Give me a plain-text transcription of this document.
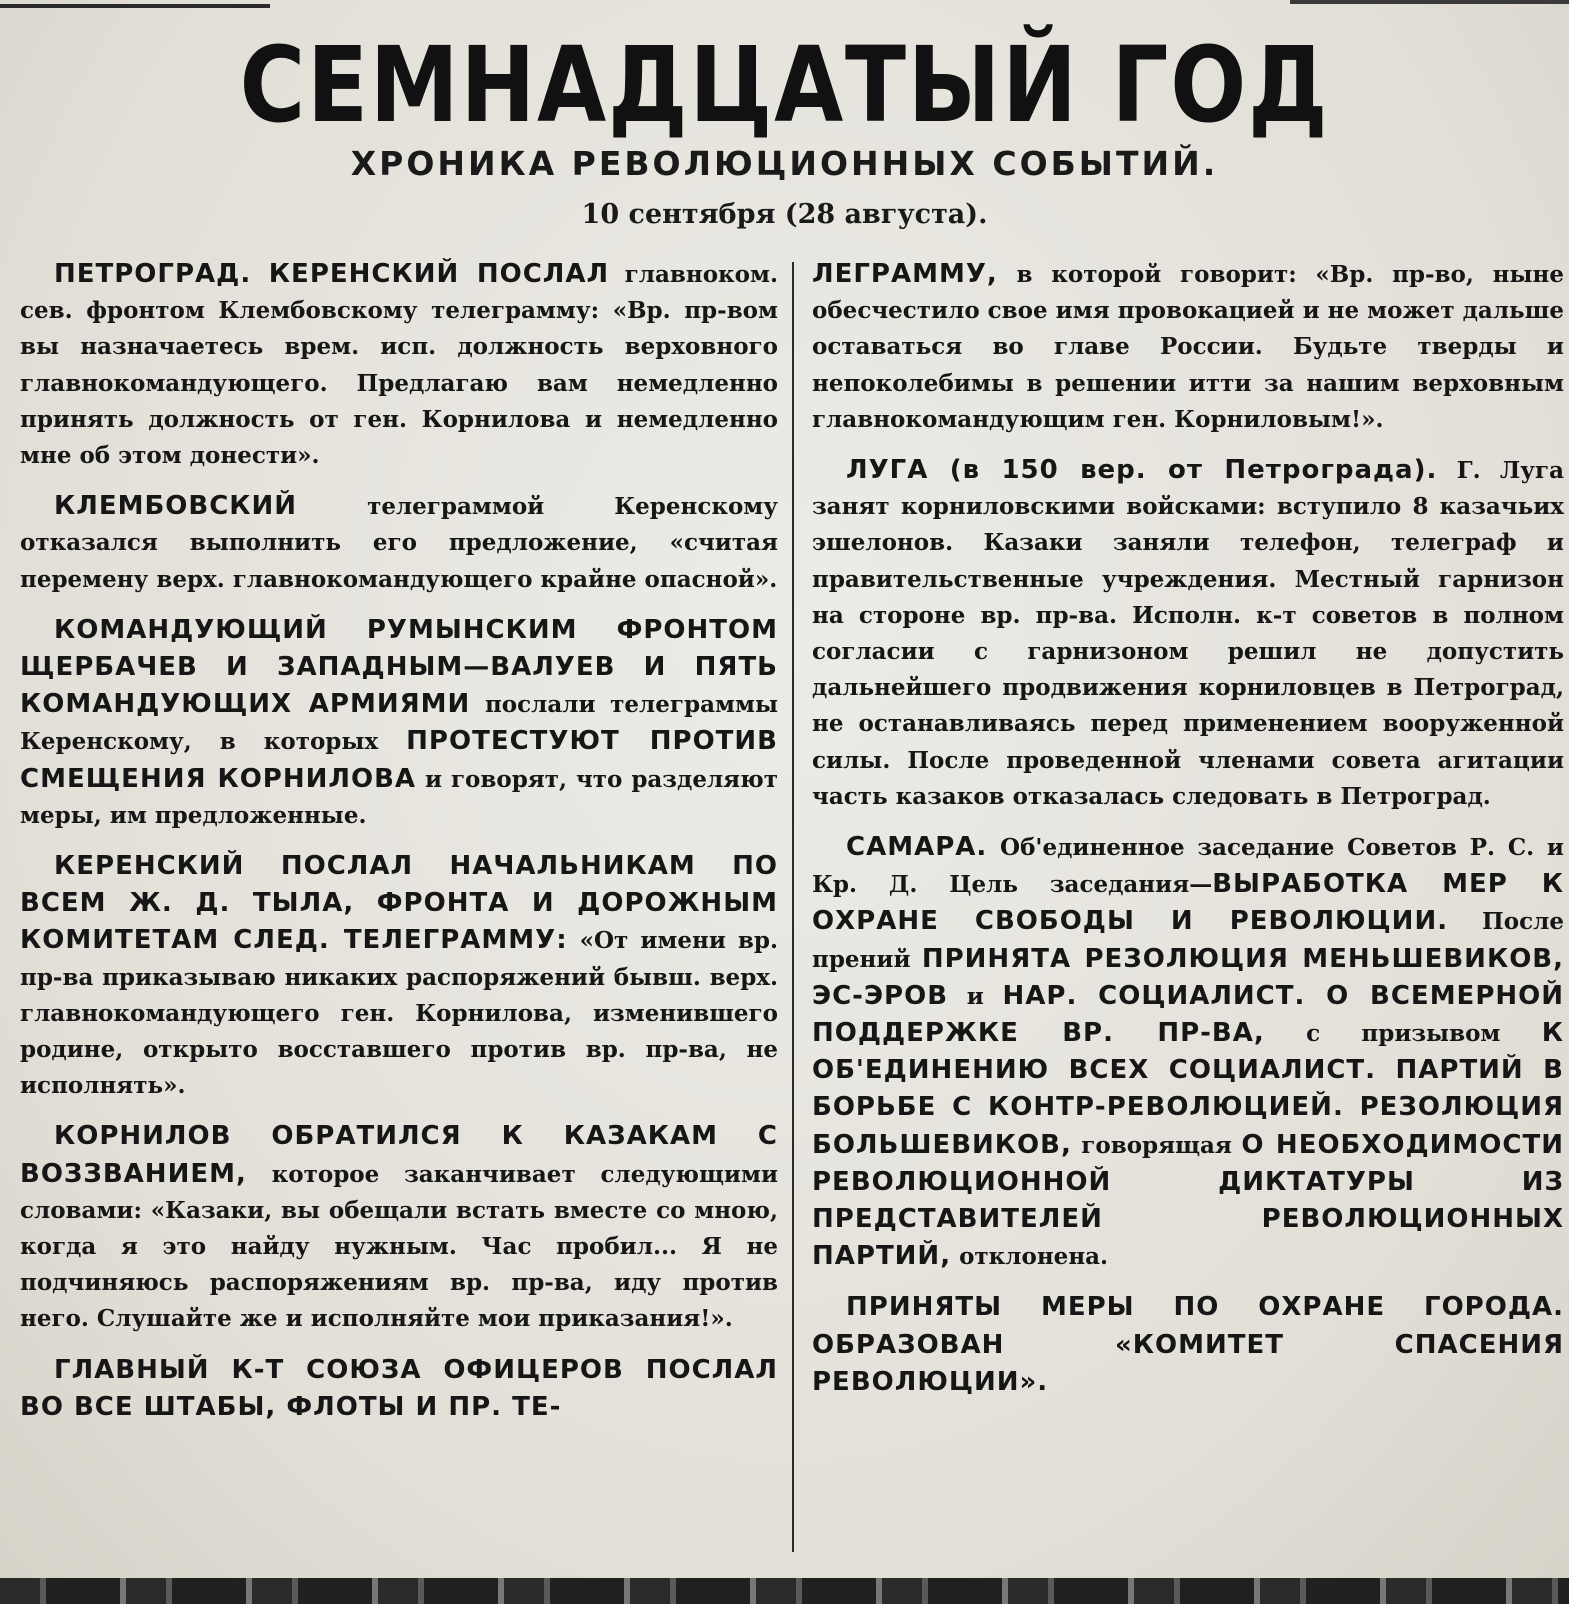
СЕМНАДЦАТЫЙ ГОД
ХРОНИКА РЕВОЛЮЦИОННЫХ СОБЫТИЙ.
10 сентября (28 августа).

ПЕТРОГРАД. КЕРЕНСКИЙ ПОСЛАЛ главноком. сев. фронтом Клембовскому телеграмму: «Вр. пр-вом вы назначаетесь врем. исп. должность верховного главнокомандующего. Предлагаю вам немедленно принять должность от ген. Корнилова и немедленно мне об этом донести».

КЛЕМБОВСКИЙ телеграммой Керенскому отказался выполнить его предложение, «считая перемену верх. главнокомандующего крайне опасной».

КОМАНДУЮЩИЙ РУМЫНСКИМ ФРОНТОМ ЩЕРБАЧЕВ И ЗАПАДНЫМ—ВАЛУЕВ И ПЯТЬ КОМАНДУЮЩИХ АРМИЯМИ послали телеграммы Керенскому, в которых ПРОТЕСТУЮТ ПРОТИВ СМЕЩЕНИЯ КОРНИЛОВА и говорят, что разделяют меры, им предложенные.

КЕРЕНСКИЙ ПОСЛАЛ НАЧАЛЬНИКАМ ПО ВСЕМ Ж. Д. ТЫЛА, ФРОНТА И ДОРОЖНЫМ КОМИТЕТАМ СЛЕД. ТЕЛЕГРАММУ: «От имени вр. пр-ва приказываю никаких распоряжений бывш. верх. главнокомандующего ген. Корнилова, изменившего родине, открыто восставшего против вр. пр-ва, не исполнять».

КОРНИЛОВ ОБРАТИЛСЯ К КАЗАКАМ С ВОЗЗВАНИЕМ, которое заканчивает следующими словами: «Казаки, вы обещали встать вместе со мною, когда я это найду нужным. Час пробил... Я не подчиняюсь распоряжениям вр. пр-ва, иду против него. Слушайте же и исполняйте мои приказания!».

ГЛАВНЫЙ К-Т СОЮЗА ОФИЦЕРОВ ПОСЛАЛ ВО ВСЕ ШТАБЫ, ФЛОТЫ И ПР. ТЕ-

ЛЕГРАММУ, в которой говорит: «Вр. пр-во, ныне обесчестило свое имя провокацией и не может дальше оставаться во главе России. Будьте тверды и непоколебимы в решении итти за нашим верховным главнокомандующим ген. Корниловым!».

ЛУГА (в 150 вер. от Петрограда). Г. Луга занят корниловскими войсками: вступило 8 казачьих эшелонов. Казаки заняли телефон, телеграф и правительственные учреждения. Местный гарнизон на стороне вр. пр-ва. Исполн. к-т советов в полном согласии с гарнизоном решил не допустить дальнейшего продвижения корниловцев в Петроград, не останавливаясь перед применением вооруженной силы. После проведенной членами совета агитации часть казаков отказалась следовать в Петроград.

САМАРА. Об'единенное заседание Советов Р. С. и Кр. Д. Цель заседания—ВЫРАБОТКА МЕР К ОХРАНЕ СВОБОДЫ И РЕВОЛЮЦИИ. После прений ПРИНЯТА РЕЗОЛЮЦИЯ МЕНЬШЕВИКОВ, ЭС-ЭРОВ и НАР. СОЦИАЛИСТ. О ВСЕМЕРНОЙ ПОДДЕРЖКЕ ВР. ПР-ВА, с призывом К ОБ'ЕДИНЕНИЮ ВСЕХ СОЦИАЛИСТ. ПАРТИЙ В БОРЬБЕ С КОНТР-РЕВОЛЮЦИЕЙ. РЕЗОЛЮЦИЯ БОЛЬШЕВИКОВ, говорящая О НЕОБХОДИМОСТИ РЕВОЛЮЦИОННОЙ ДИКТАТУРЫ ИЗ ПРЕДСТАВИТЕЛЕЙ РЕВОЛЮЦИОННЫХ ПАРТИЙ, отклонена.

ПРИНЯТЫ МЕРЫ ПО ОХРАНЕ ГОРОДА. ОБРАЗОВАН «КОМИТЕТ СПАСЕНИЯ РЕВОЛЮЦИИ».
